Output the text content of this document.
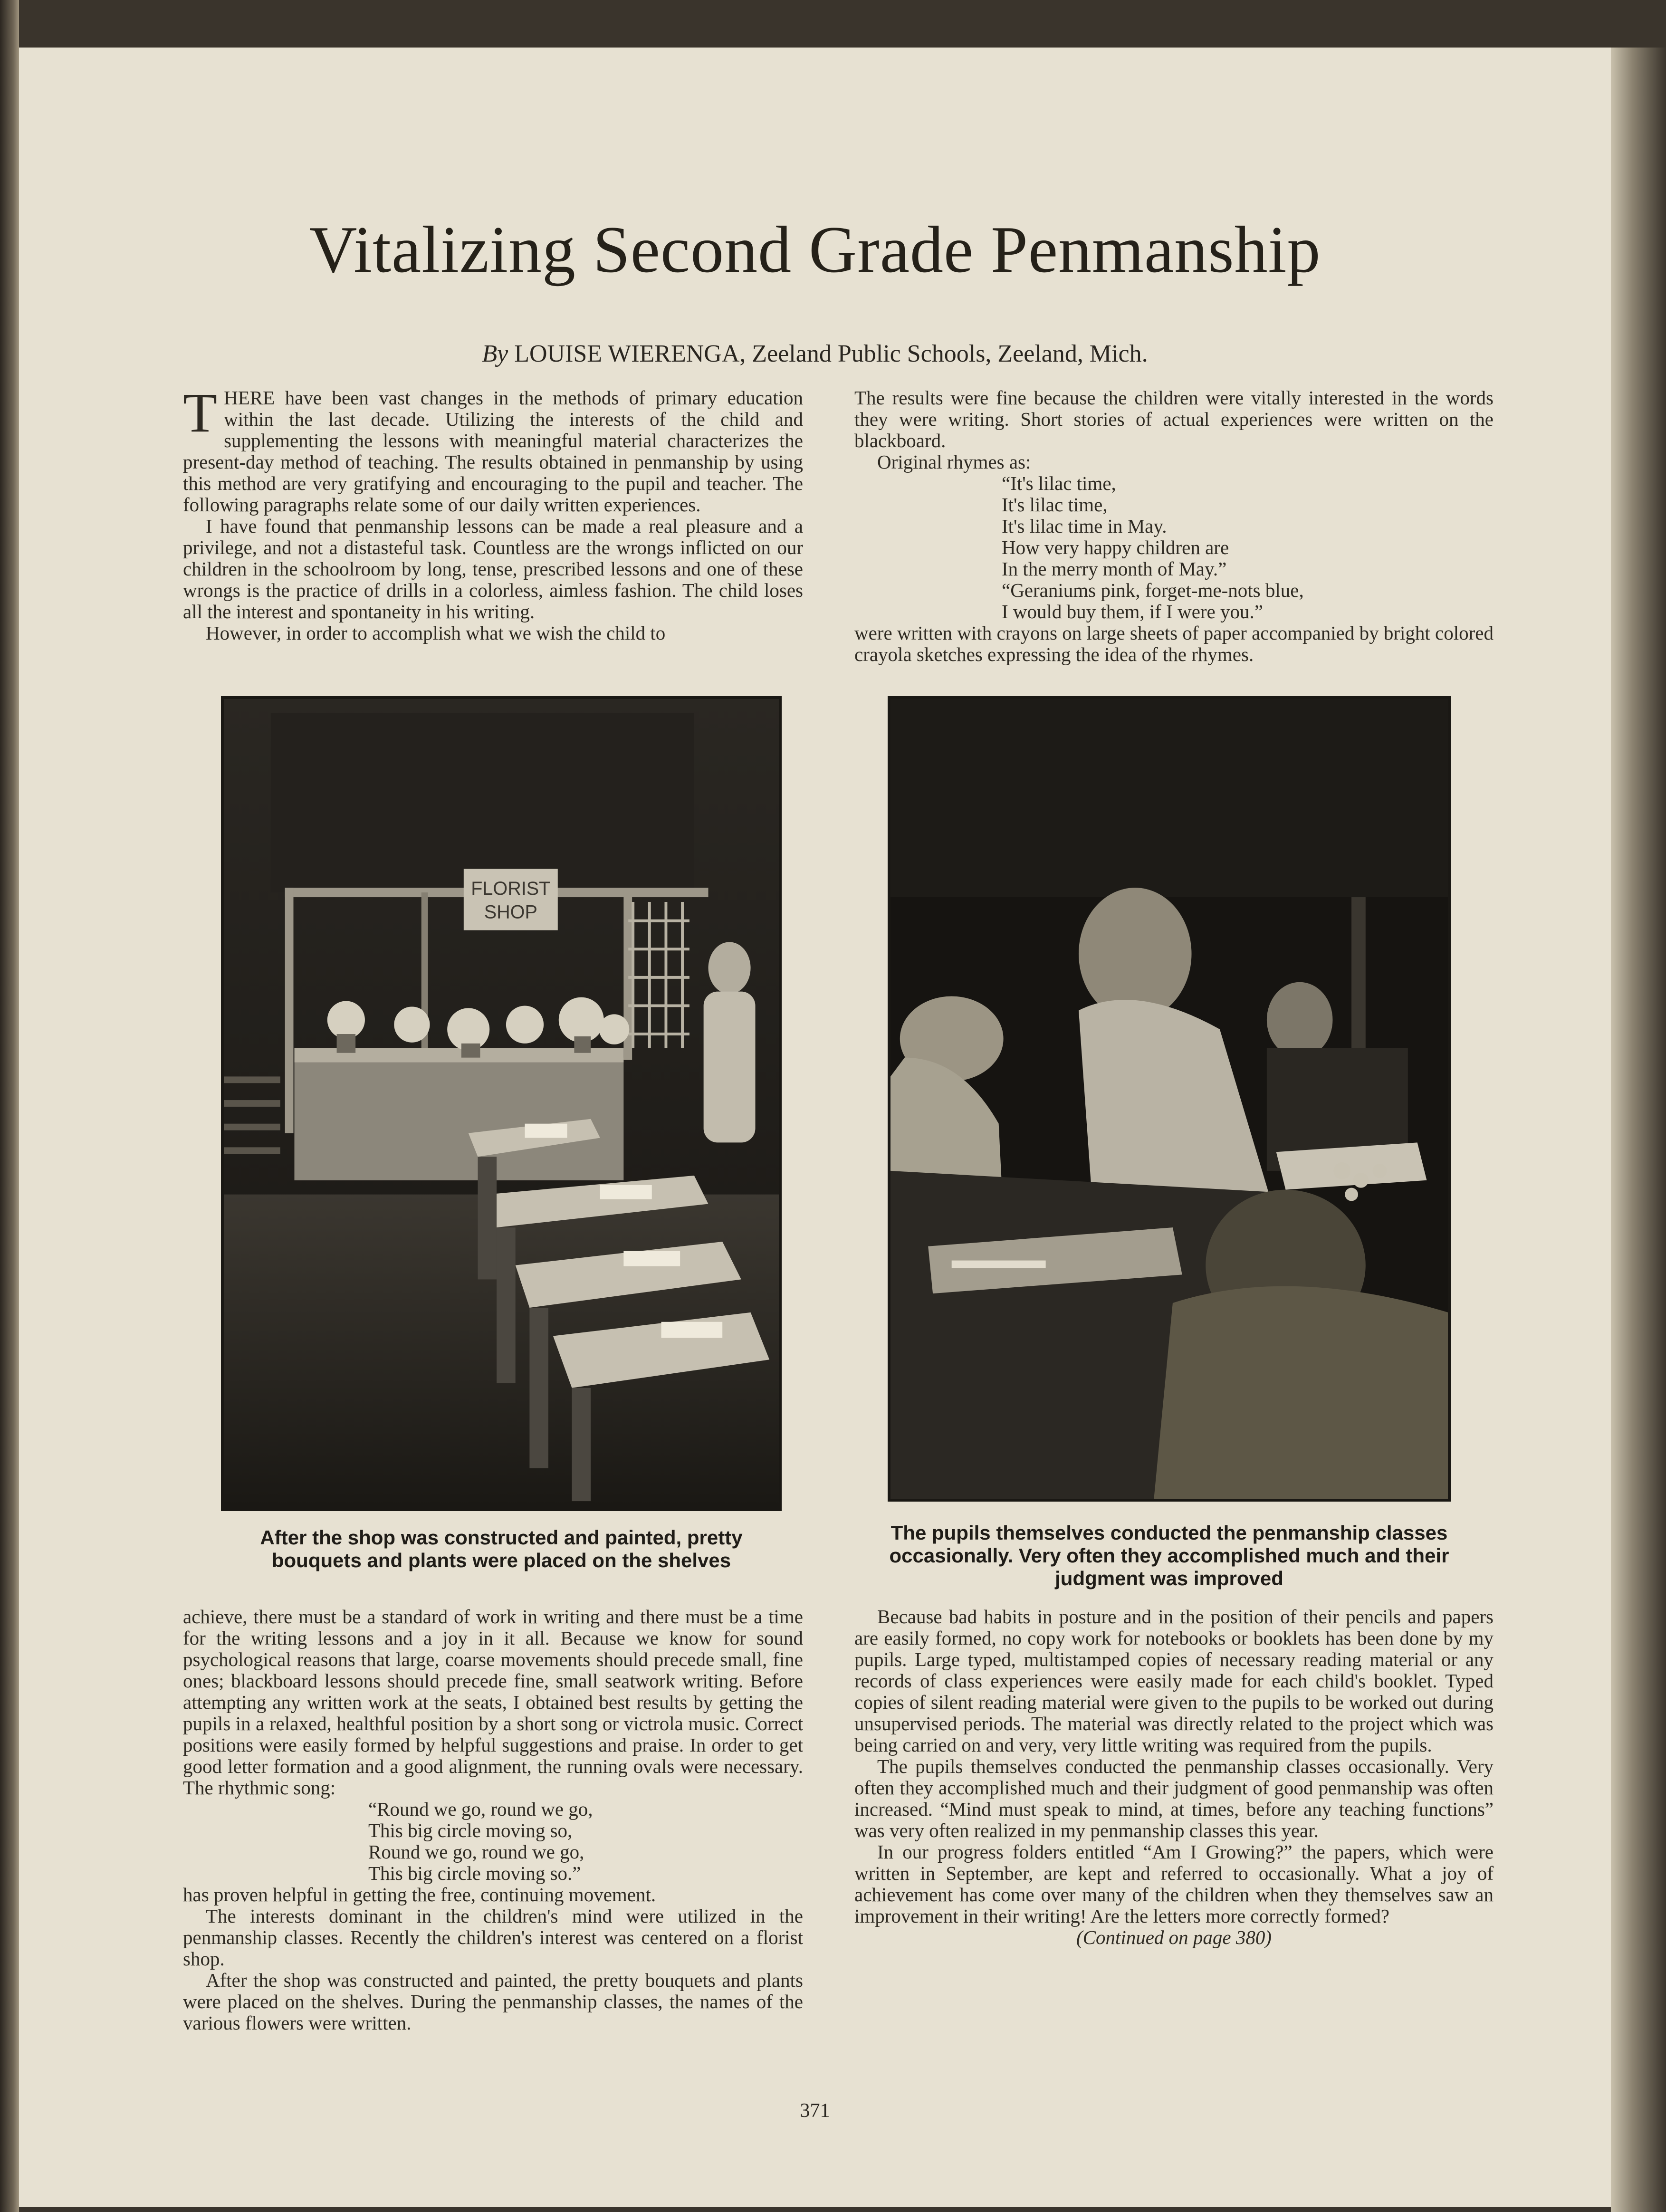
Vitalizing Second Grade Penmanship
By LOUISE WIERENGA, Zeeland Public Schools, Zeeland, Mich.

THERE have been vast changes in the methods of primary education within the last decade. Utilizing the interests of the child and supplementing the lessons with meaningful material characterizes the present-day method of teaching. The results obtained in penmanship by using this method are very gratifying and encouraging to the pupil and teacher. The following paragraphs relate some of our daily written experiences.

I have found that penmanship lessons can be made a real pleasure and a privilege, and not a distasteful task. Countless are the wrongs inflicted on our children in the schoolroom by long, tense, prescribed lessons and one of these wrongs is the practice of drills in a colorless, aimless fashion. The child loses all the interest and spontaneity in his writing.

However, in order to accomplish what we wish the child to

The results were fine because the children were vitally interested in the words they were writing. Short stories of actual experiences were written on the blackboard.

Original rhymes as:

“It's lilac time,
It's lilac time,
It's lilac time in May.
How very happy children are
In the merry month of May.”
“Geraniums pink, forget-me-nots blue,
I would buy them, if I were you.”

were written with crayons on large sheets of paper accompanied by bright colored crayola sketches expressing the idea of the rhymes.

FLORIST
SHOP
After the shop was constructed and painted, pretty bouquets and plants were placed on the shelves
The pupils themselves conducted the penmanship classes occasionally. Very often they accomplished much and their judgment was improved

achieve, there must be a standard of work in writing and there must be a time for the writing lessons and a joy in it all. Because we know for sound psychological reasons that large, coarse movements should precede small, fine ones; blackboard lessons should precede fine, small seatwork writing. Before attempting any written work at the seats, I obtained best results by getting the pupils in a relaxed, healthful position by a short song or victrola music. Correct positions were easily formed by helpful suggestions and praise. In order to get good letter formation and a good alignment, the running ovals were necessary. The rhythmic song:

“Round we go, round we go,
This big circle moving so,
Round we go, round we go,
This big circle moving so.”

has proven helpful in getting the free, continuing movement.

The interests dominant in the children's mind were utilized in the penmanship classes. Recently the children's interest was centered on a florist shop.

After the shop was constructed and painted, the pretty bouquets and plants were placed on the shelves. During the penmanship classes, the names of the various flowers were written.

Because bad habits in posture and in the position of their pencils and papers are easily formed, no copy work for notebooks or booklets has been done by my pupils. Large typed, multistamped copies of necessary reading material or any records of class experiences were easily made for each child's booklet. Typed copies of silent reading material were given to the pupils to be worked out during unsupervised periods. The material was directly related to the project which was being carried on and very, very little writing was required from the pupils.

The pupils themselves conducted the penmanship classes occasionally. Very often they accomplished much and their judgment of good penmanship was often increased. “Mind must speak to mind, at times, before any teaching functions” was very often realized in my penmanship classes this year.

In our progress folders entitled “Am I Growing?” the papers, which were written in September, are kept and referred to occasionally. What a joy of achievement has come over many of the children when they themselves saw an improvement in their writing! Are the letters more correctly formed?

(Continued on page 380)

371
